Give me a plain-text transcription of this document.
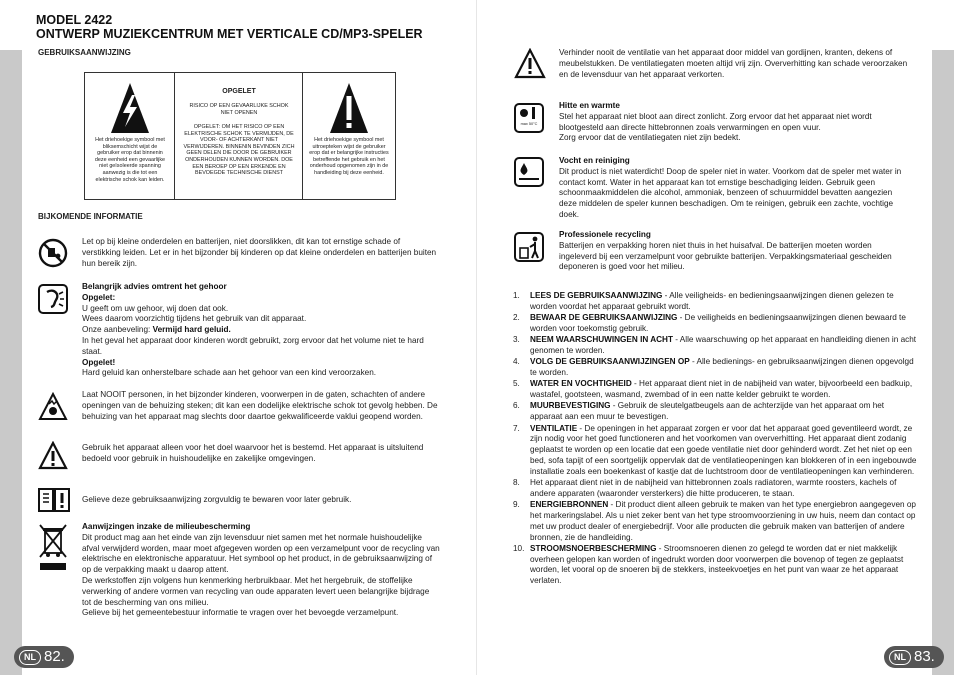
MODEL 2422
ONTWERP MUZIEKCENTRUM MET VERTICALE CD/MP3-SPELER
GEBRUIKSAANWIJZING
Het driehoekige symbool met bliksemschicht wijst de gebruiker erop dat binnenin deze eenheid een gevaarlijke niet geïsoleerde spanning aanwezig is die tot een elektrische schok kan leiden.
OPGELET
RISICO OP EEN GEVAARLIJKE SCHOK
NIET OPENEN
OPGELET: OM HET RISICO OP EEN ELEKTRISCHE SCHOK TE VERMIJDEN, DE VOOR- OF ACHTERKANT NIET VERWIJDEREN. BINNENIN BEVINDEN ZICH GEEN DELEN DIE DOOR DE GEBRUIKER ONDERHOUDEN KUNNEN WORDEN. DOE EEN BEROEP OP EEN ERKENDE EN BEVOEGDE TECHNISCHE DIENST
Het driehoekige symbool met uitroepteken wijst de gebruiker erop dat er belangrijke instructies betreffende het gebruik en het onderhoud opgenomen zijn in de handleiding bij deze eenheid.
BIJKOMENDE INFORMATIE
Let op bij kleine onderdelen en batterijen, niet doorslikken, dit kan tot ernstige schade of verstikking leiden. Let er in het bijzonder bij kinderen op dat kleine onderdelen en batterijen buiten hun bereik zijn.
Belangrijk advies omtrent het gehoor
Opgelet:
U geeft om uw gehoor, wij doen dat ook.
Wees daarom voorzichtig tijdens het gebruik van dit apparaat.
Onze aanbeveling: Vermijd hard geluid.
In het geval het apparaat door kinderen wordt gebruikt, zorg ervoor dat het volume niet te hard staat.
Opgelet!
Hard geluid kan onherstelbare schade aan het gehoor van een kind veroorzaken.
Laat NOOIT personen, in het bijzonder kinderen, voorwerpen in de gaten, schachten of andere openingen van de behuizing steken; dit kan een dodelijke elektrische schok tot gevolg hebben. De behuizing van het apparaat mag slechts door daartoe gekwalificeerde vaklui geopend worden.
Gebruik het apparaat alleen voor het doel waarvoor het is bestemd. Het apparaat is uitsluitend bedoeld voor gebruik in huishoudelijke en zakelijke omgevingen.
Gelieve deze gebruiksaanwijzing zorgvuldig te bewaren voor later gebruik.
Aanwijzingen inzake de milieubescherming
Dit product mag aan het einde van zijn levensduur niet samen met het normale huishoudelijke afval verwijderd worden, maar moet afgegeven worden op een verzamelpunt voor de recycling van elektrische en elektronische apparatuur. Het symbool op het product, in de gebruiksaanwijzing of op de verpakking maakt u daarop attent.
De werkstoffen zijn volgens hun kenmerking herbruikbaar. Met het hergebruik, de stoffelijke verwerking of andere vormen van recycling van oude apparaten levert ueen belangrijke bijdrage tot de bescherming van ons milieu.
Gelieve bij het gemeentebestuur informatie te vragen over het bevoegde verzamelpunt.
NL 82.
Verhinder nooit de ventilatie van het apparaat door middel van gordijnen, kranten, dekens of meubelstukken. De ventilatiegaten moeten altijd vrij zijn. Oververhitting kan schade veroorzaken en de levensduur van het apparaat verkorten.
max 50°C
Hitte en warmte
Stel het apparaat niet bloot aan direct zonlicht. Zorg ervoor dat het apparaat niet wordt blootgesteld aan directe hittebronnen zoals verwarmingen en open vuur.
Zorg ervoor dat de ventilatiegaten niet zijn bedekt.
Vocht en reiniging
Dit product is niet waterdicht! Doop de speler niet in water. Voorkom dat de speler met water in contact komt. Water in het apparaat kan tot ernstige beschadiging leiden. Gebruik geen schoonmaakmiddelen die alcohol, ammoniak, benzeen of schuurmiddel bevatten aangezien deze middelen de speler kunnen beschadigen. Om te reinigen, gebruik een zachte, vochtige doek.
Professionele recycling
Batterijen en verpakking horen niet thuis in het huisafval. De batterijen moeten worden ingeleverd bij een verzamelpunt voor gebruikte batterijen. Verpakkingsmateriaal gescheiden deponeren is goed voor het milieu.
1. LEES DE GEBRUIKSAANWIJZING - Alle veiligheids- en bedieningsaanwijzingen dienen gelezen te worden voordat het apparaat gebruikt wordt.
2. BEWAAR DE GEBRUIKSAANWIJZING - De veiligheids en bedieningsaanwijzingen dienen bewaard te worden voor toekomstig gebruik.
3. NEEM WAARSCHUWINGEN IN ACHT - Alle waarschuwing op het apparaat en handleiding dienen in acht genomen te worden.
4. VOLG DE GEBRUIKSAANWIJZINGEN OP - Alle bedienings- en gebruiksaanwijzingen dienen opgevolgd te worden.
5. WATER EN VOCHTIGHEID - Het apparaat dient niet in de nabijheid van water, bijvoorbeeld een badkuip, wastafel, gootsteen, wasmand, zwembad of in een natte kelder gebruikt te worden.
6. MUURBEVESTIGING - Gebruik de sleutelgatbeugels aan de achterzijde van het apparaat om het apparaat aan een muur te bevestigen.
7. VENTILATIE - De openingen in het apparaat zorgen er voor dat het apparaat goed geventileerd wordt, ze zijn nodig voor het goed functioneren and het voorkomen van oververhitting. Het apparaat dient zodanig geplaatst te worden op een locatie dat een goede ventilatie niet door gehinderd wordt. Zet het niet op een bed, sofa tapijt of een soortgelijk oppervlak dat de ventilatieopeningen kan blokkeren of in een ingebouwde installatie zoals een boekenkast of kastje dat de luchtstroom door de ventilatieopeningen kan verhinderen.
8. Het apparaat dient niet in de nabijheid van hittebronnen zoals radiatoren, warmte roosters, kachels of andere apparaten (waaronder versterkers) die hitte produceren, te staan.
9. ENERGIEBRONNEN - Dit product dient alleen gebruik te maken van het type energiebron aangegeven op het markeringslabel. Als u niet zeker bent van het type stroomvoorziening in uw huis, neem dan contact op met uw product dealer of energiebedrijf. Voor alle producten die gebruik maken van batterijen of andere bronnen, zie de handleiding.
10. STROOMSNOERBESCHERMING - Stroomsnoeren dienen zo gelegd te worden dat er niet makkelijk overheen gelopen kan worden of ingedrukt worden door voorwerpen die bovenop of tegen ze geplaatst worden, let vooral op de snoeren bij de stekkers, insteekvoetjes en het punt van waar ze het apparaat verlaten.
NL 83.
